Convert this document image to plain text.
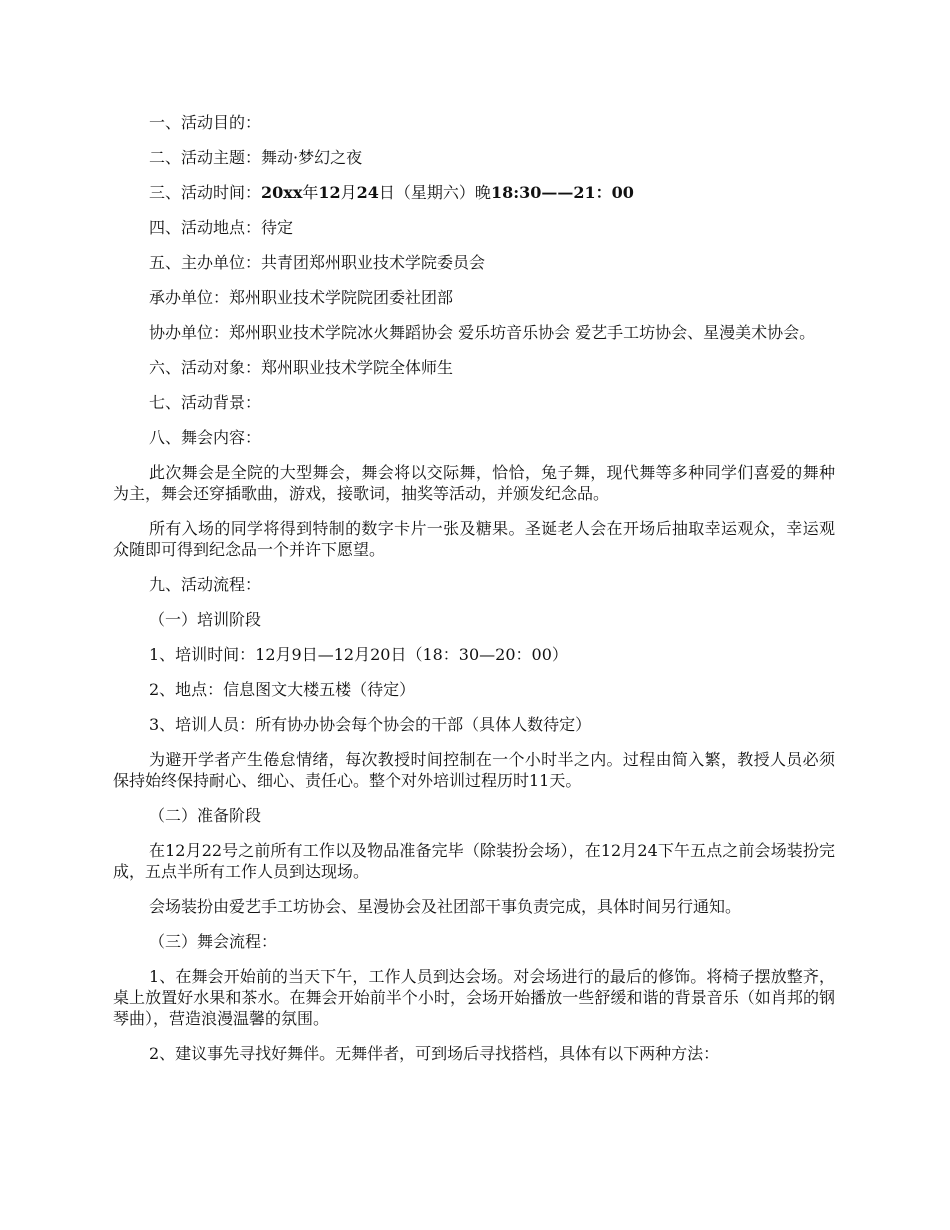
一、活动目的：

二、活动主题：舞动·梦幻之夜

三、活动时间：20xx年12月24日（星期六）晚18:30——21：00

四、活动地点：待定

五、主办单位：共青团郑州职业技术学院委员会

承办单位：郑州职业技术学院院团委社团部

协办单位：郑州职业技术学院冰火舞蹈协会 爱乐坊音乐协会 爱艺手工坊协会、星漫美术协会。

六、活动对象：郑州职业技术学院全体师生

七、活动背景：

八、舞会内容：

此次舞会是全院的大型舞会，舞会将以交际舞，恰恰，兔子舞，现代舞等多种同学们喜爱的舞种为主，舞会还穿插歌曲，游戏，接歌词，抽奖等活动，并颁发纪念品。

所有入场的同学将得到特制的数字卡片一张及糖果。圣诞老人会在开场后抽取幸运观众，幸运观众随即可得到纪念品一个并许下愿望。

九、活动流程：

（一）培训阶段

1、培训时间：12月9日—12月20日（18：30—20：00）

2、地点：信息图文大楼五楼（待定）

3、培训人员：所有协办协会每个协会的干部（具体人数待定）

为避开学者产生倦怠情绪，每次教授时间控制在一个小时半之内。过程由简入繁，教授人员必须保持始终保持耐心、细心、责任心。整个对外培训过程历时11天。

（二）准备阶段

在12月22号之前所有工作以及物品准备完毕（除装扮会场），在12月24下午五点之前会场装扮完成，五点半所有工作人员到达现场。

会场装扮由爱艺手工坊协会、星漫协会及社团部干事负责完成，具体时间另行通知。

（三）舞会流程：

1、在舞会开始前的当天下午，工作人员到达会场。对会场进行的最后的修饰。将椅子摆放整齐，桌上放置好水果和茶水。在舞会开始前半个小时，会场开始播放一些舒缓和谐的背景音乐（如肖邦的钢琴曲），营造浪漫温馨的氛围。

2、建议事先寻找好舞伴。无舞伴者，可到场后寻找搭档，具体有以下两种方法：
